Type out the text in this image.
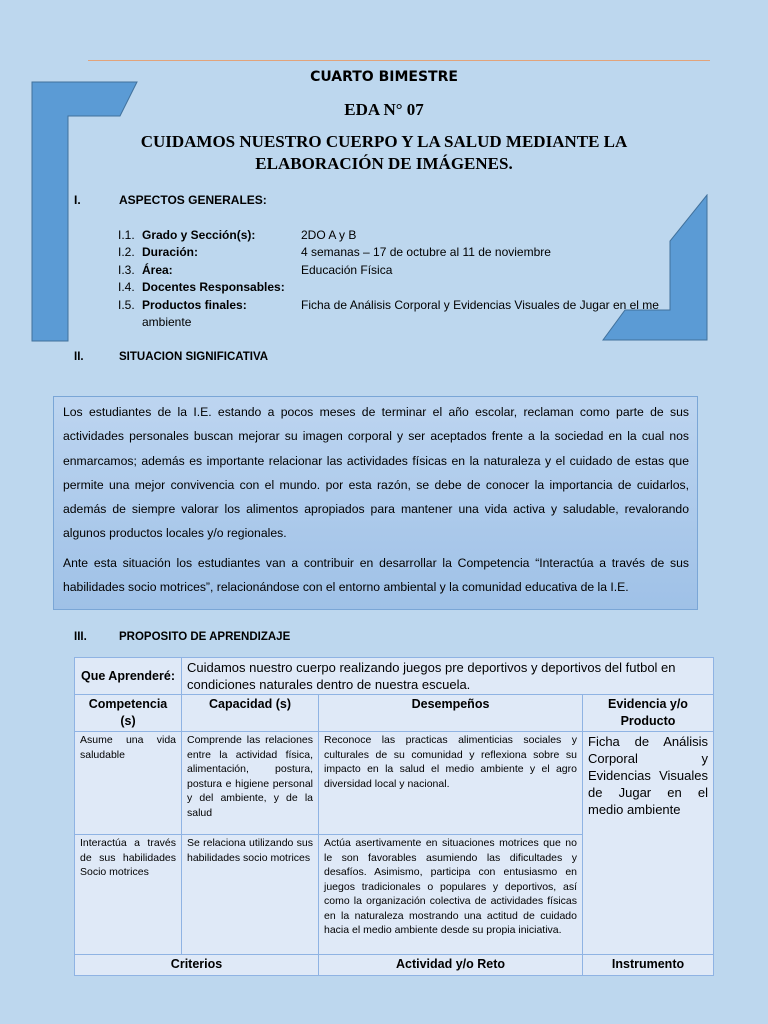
CUARTO BIMESTRE
EDA N° 07
CUIDAMOS NUESTRO CUERPO Y LA SALUD MEDIANTE LA
ELABORACIÓN DE IMÁGENES.
I.	ASPECTOS GENERALES:
I.1. Grado y Sección(s):	2DO A y B
I.2. Duración:	4 semanas – 17 de octubre al 11 de noviembre
I.3. Área:	Educación Física
I.4. Docentes Responsables:
I.5. Productos finales:	Ficha de Análisis Corporal y Evidencias Visuales de Jugar en el me
ambiente
II.	SITUACION SIGNIFICATIVA

Los estudiantes de la I.E. estando a pocos meses de terminar el año escolar, reclaman como parte de sus actividades personales buscan mejorar su imagen corporal y ser aceptados frente a la sociedad en la cual nos enmarcamos; además es importante relacionar las actividades físicas en la naturaleza y el cuidado de estas que permite una mejor convivencia con el mundo. por esta razón, se debe de conocer la importancia de cuidarlos, además de siempre valorar los alimentos apropiados para mantener una vida activa y saludable, revalorando algunos productos locales y/o regionales.

Ante esta situación los estudiantes van a contribuir en desarrollar la Competencia “Interactúa a través de sus habilidades socio motrices”, relacionándose con el entorno ambiental y la comunidad educativa de la I.E.

III.	PROPOSITO DE APRENDIZAJE
Que Aprenderé:	Cuidamos nuestro cuerpo realizando juegos pre deportivos y deportivos del futbol en condiciones naturales dentro de nuestra escuela.		
Competencia (s)	Capacidad (s)	Desempeños	Evidencia y/o Producto
Asume una vida saludable	Comprende las relaciones entre la actividad física, alimentación, postura, postura e higiene personal y del ambiente, y de la salud	Reconoce las practicas alimenticias sociales y culturales de su comunidad y reflexiona sobre su impacto en la salud el medio ambiente y el agro diversidad local y nacional.	Ficha de Análisis Corporal y Evidencias Visuales de Jugar en el medio ambiente
Interactúa a través de sus habilidades Socio motrices	Se relaciona utilizando sus habilidades socio motrices	Actúa asertivamente en situaciones motrices que no le son favorables asumiendo las dificultades y desafíos. Asimismo, participa con entusiasmo en juegos tradicionales o populares y deportivos, así como la organización colectiva de actividades físicas en la naturaleza mostrando una actitud de cuidado hacia el medio ambiente desde su propia iniciativa.	
Criterios		Actividad y/o Reto	Instrumento
